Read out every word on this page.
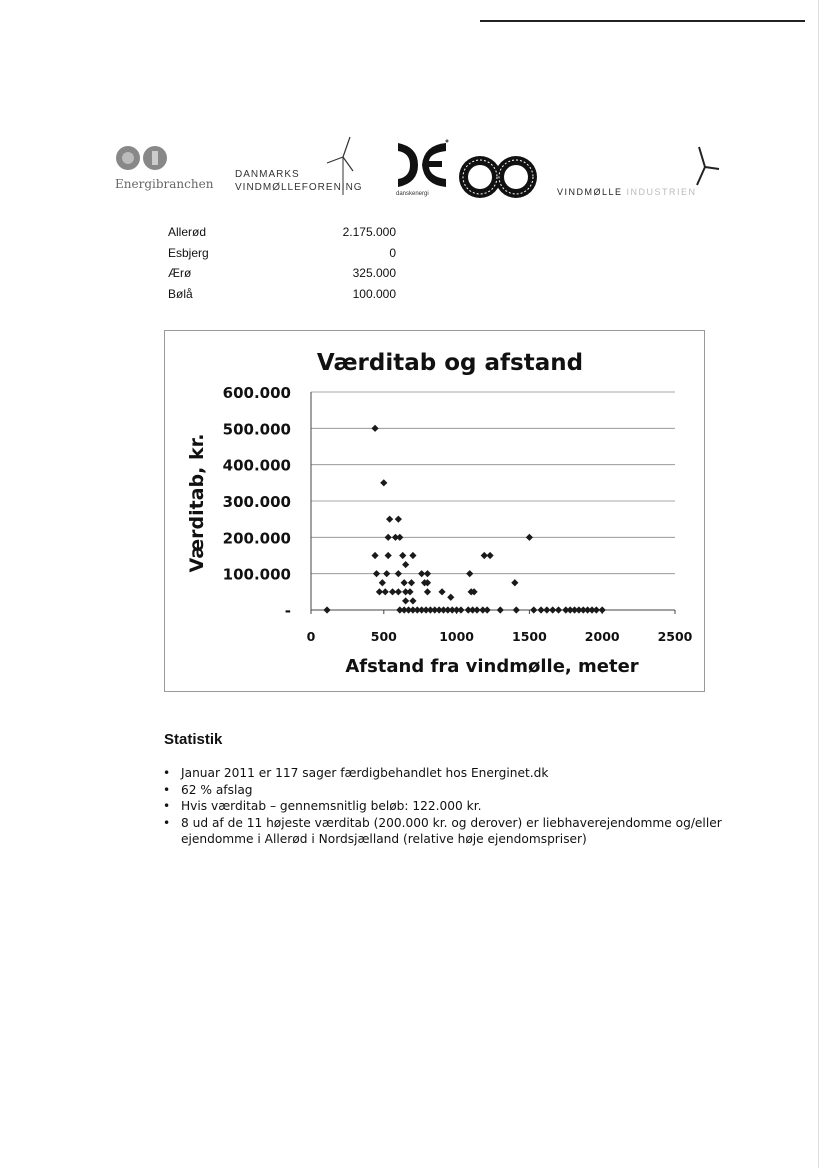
Energibranchen
DANMARKS
VINDMØLLEFORENING
danskenergi	VINDMØLLE INDUSTRIEN
Allerød	2.175.000
Esbjerg	0
Ærø	325.000
Bølå	100.000
Værditab og afstand
Værditab, kr.
Afstand fra vindmølle, meter
-
100.000
200.000
300.000
400.000
500.000
600.000
0	500	1000	1500	2000	2500
Statistik
• Januar 2011 er 117 sager færdigbehandlet hos Energinet.dk
• 62 % afslag
• Hvis værditab – gennemsnitlig beløb: 122.000 kr.
• 8 ud af de 11 højeste værditab (200.000 kr. og derover) er liebhaverejendomme og/eller ejendomme i Allerød i Nordsjælland (relative høje ejendomspriser)
